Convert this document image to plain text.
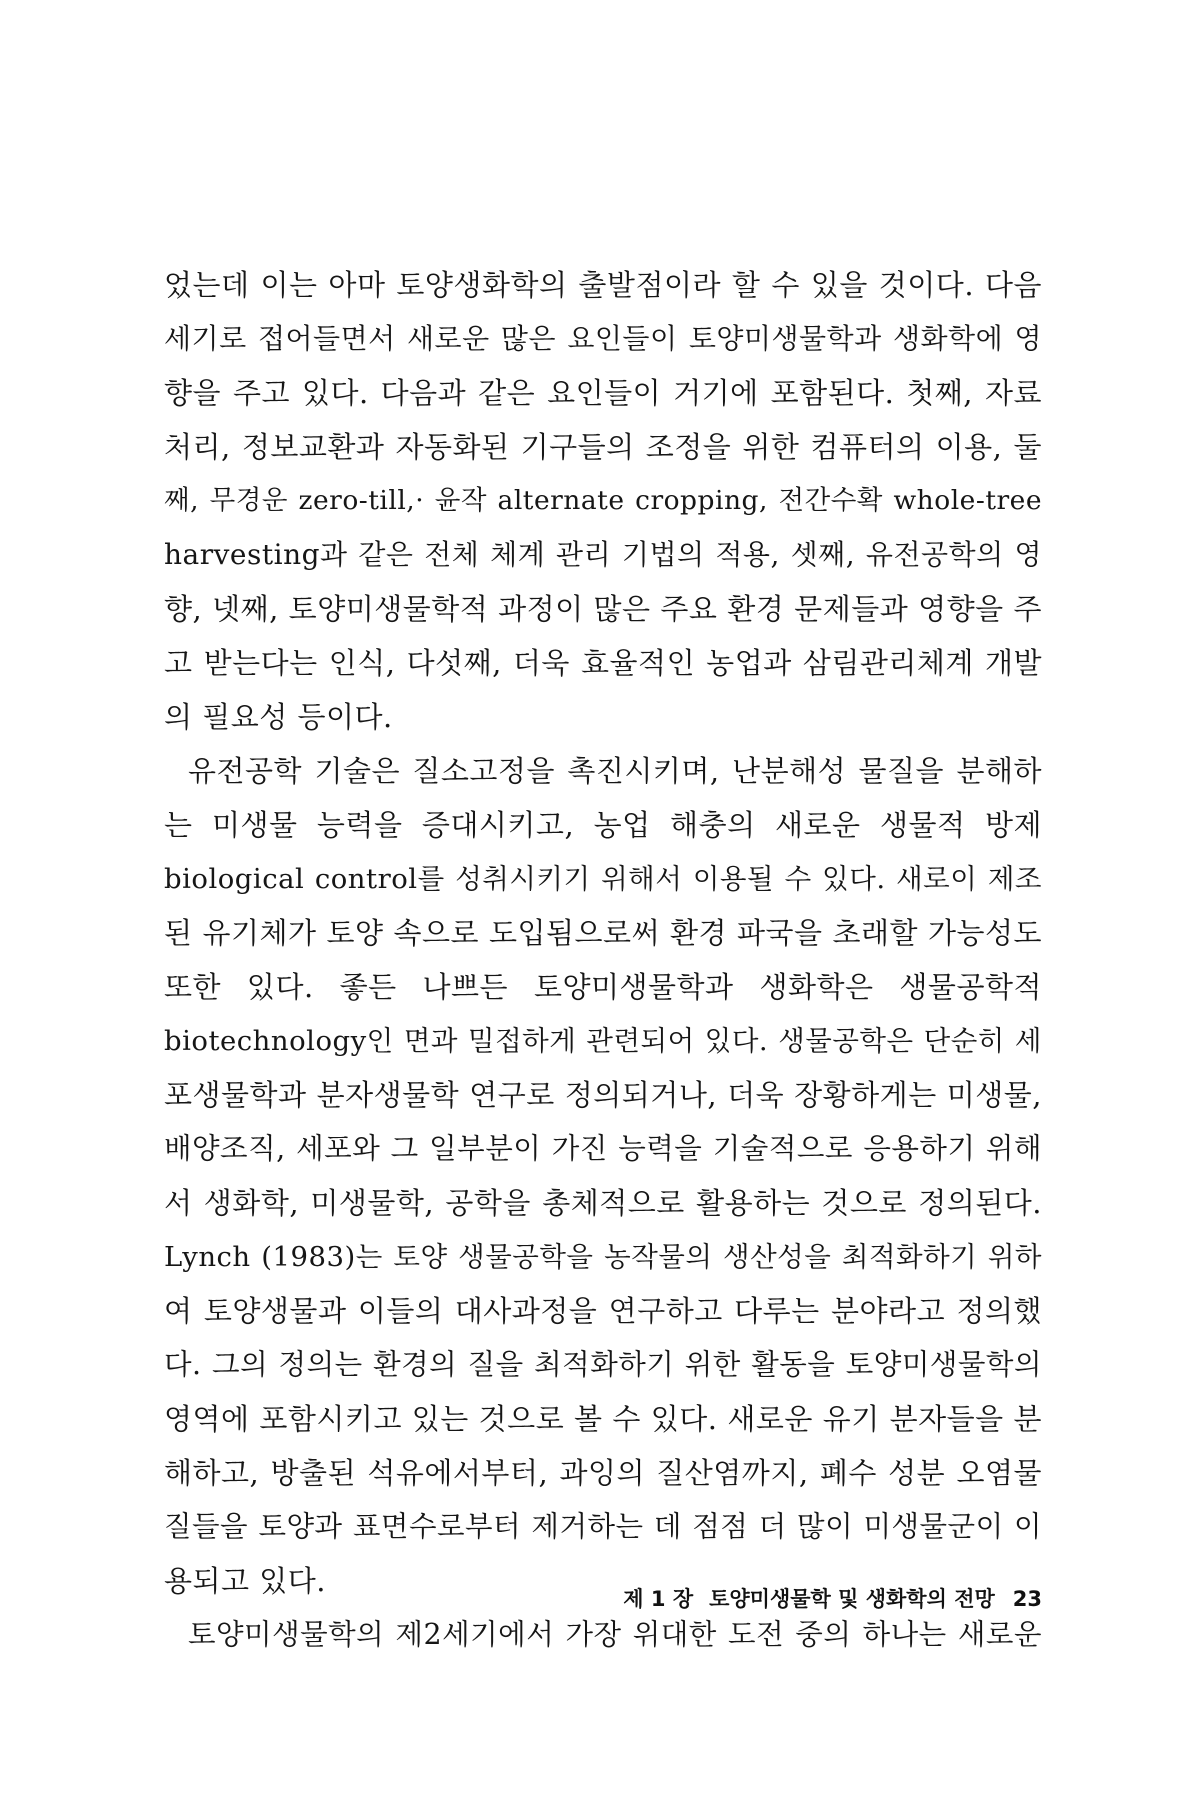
었는데 이는 아마 토양생화학의 출발점이라 할 수 있을 것이다. 다음
세기로 접어들면서 새로운 많은 요인들이 토양미생물학과 생화학에 영
향을 주고 있다. 다음과 같은 요인들이 거기에 포함된다. 첫째, 자료
처리, 정보교환과 자동화된 기구들의 조정을 위한 컴퓨터의 이용, 둘
째, 무경운 zero-till,· 윤작 alternate cropping, 전간수확 whole-tree
harvesting과 같은 전체 체계 관리 기법의 적용, 셋째, 유전공학의 영
향, 넷째, 토양미생물학적 과정이 많은 주요 환경 문제들과 영향을 주
고 받는다는 인식, 다섯째, 더욱 효율적인 농업과 삼림관리체계 개발
의 필요성 등이다.
유전공학 기술은 질소고정을 촉진시키며, 난분해성 물질을 분해하
는 미생물 능력을 증대시키고, 농업 해충의 새로운 생물적 방제
biological control를 성취시키기 위해서 이용될 수 있다. 새로이 제조
된 유기체가 토양 속으로 도입됨으로써 환경 파국을 초래할 가능성도
또한 있다. 좋든 나쁘든 토양미생물학과 생화학은 생물공학적
biotechnology인 면과 밀접하게 관련되어 있다. 생물공학은 단순히 세
포생물학과 분자생물학 연구로 정의되거나, 더욱 장황하게는 미생물,
배양조직, 세포와 그 일부분이 가진 능력을 기술적으로 응용하기 위해
서 생화학, 미생물학, 공학을 총체적으로 활용하는 것으로 정의된다.
Lynch (1983)는 토양 생물공학을 농작물의 생산성을 최적화하기 위하
여 토양생물과 이들의 대사과정을 연구하고 다루는 분야라고 정의했
다. 그의 정의는 환경의 질을 최적화하기 위한 활동을 토양미생물학의
영역에 포함시키고 있는 것으로 볼 수 있다. 새로운 유기 분자들을 분
해하고, 방출된 석유에서부터, 과잉의 질산염까지, 폐수 성분 오염물
질들을 토양과 표면수로부터 제거하는 데 점점 더 많이 미생물군이 이
용되고 있다.
토양미생물학의 제2세기에서 가장 위대한 도전 중의 하나는 새로운
제 1 장 토양미생물학 및 생화학의 전망 23
